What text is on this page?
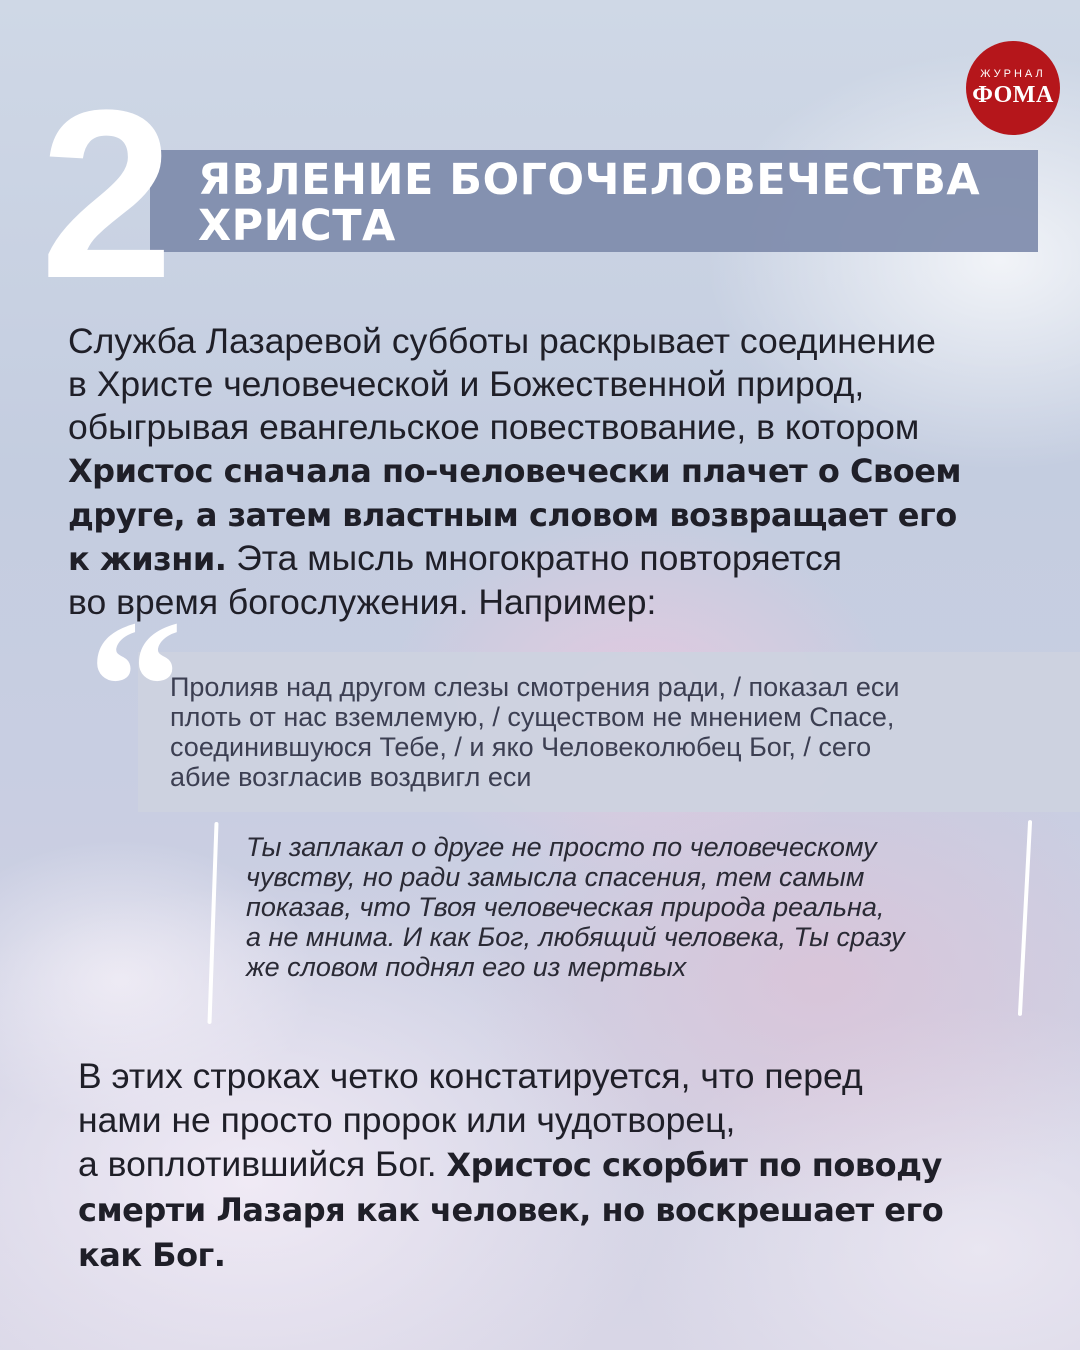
ЖУРНАЛ
ФОМА
2 ЯВЛЕНИЕ БОГОЧЕЛОВЕЧЕСТВА
ХРИСТА
Служба Лазаревой субботы раскрывает соединение
в Христе человеческой и Божественной природ,
обыгрывая евангельское повествование, в котором
Христос сначала по-человечески плачет о Своем
друге, а затем властным словом возвращает его
к жизни. Эта мысль многократно повторяется
во время богослужения. Например:
“
Пролияв над другом слезы смотрения ради, / показал еси
плоть от нас вземлемую, / существом не мнением Спасе,
соединившуюся Тебе, / и яко Человеколюбец Бог, / сего
абие возгласив воздвигл еси
Ты заплакал о друге не просто по человеческому
чувству, но ради замысла спасения, тем самым
показав, что Твоя человеческая природа реальна,
а не мнима. И как Бог, любящий человека, Ты сразу
же словом поднял его из мертвых
В этих строках четко констатируется, что перед
нами не просто пророк или чудотворец,
а воплотившийся Бог. Христос скорбит по поводу
смерти Лазаря как человек, но воскрешает его
как Бог.
